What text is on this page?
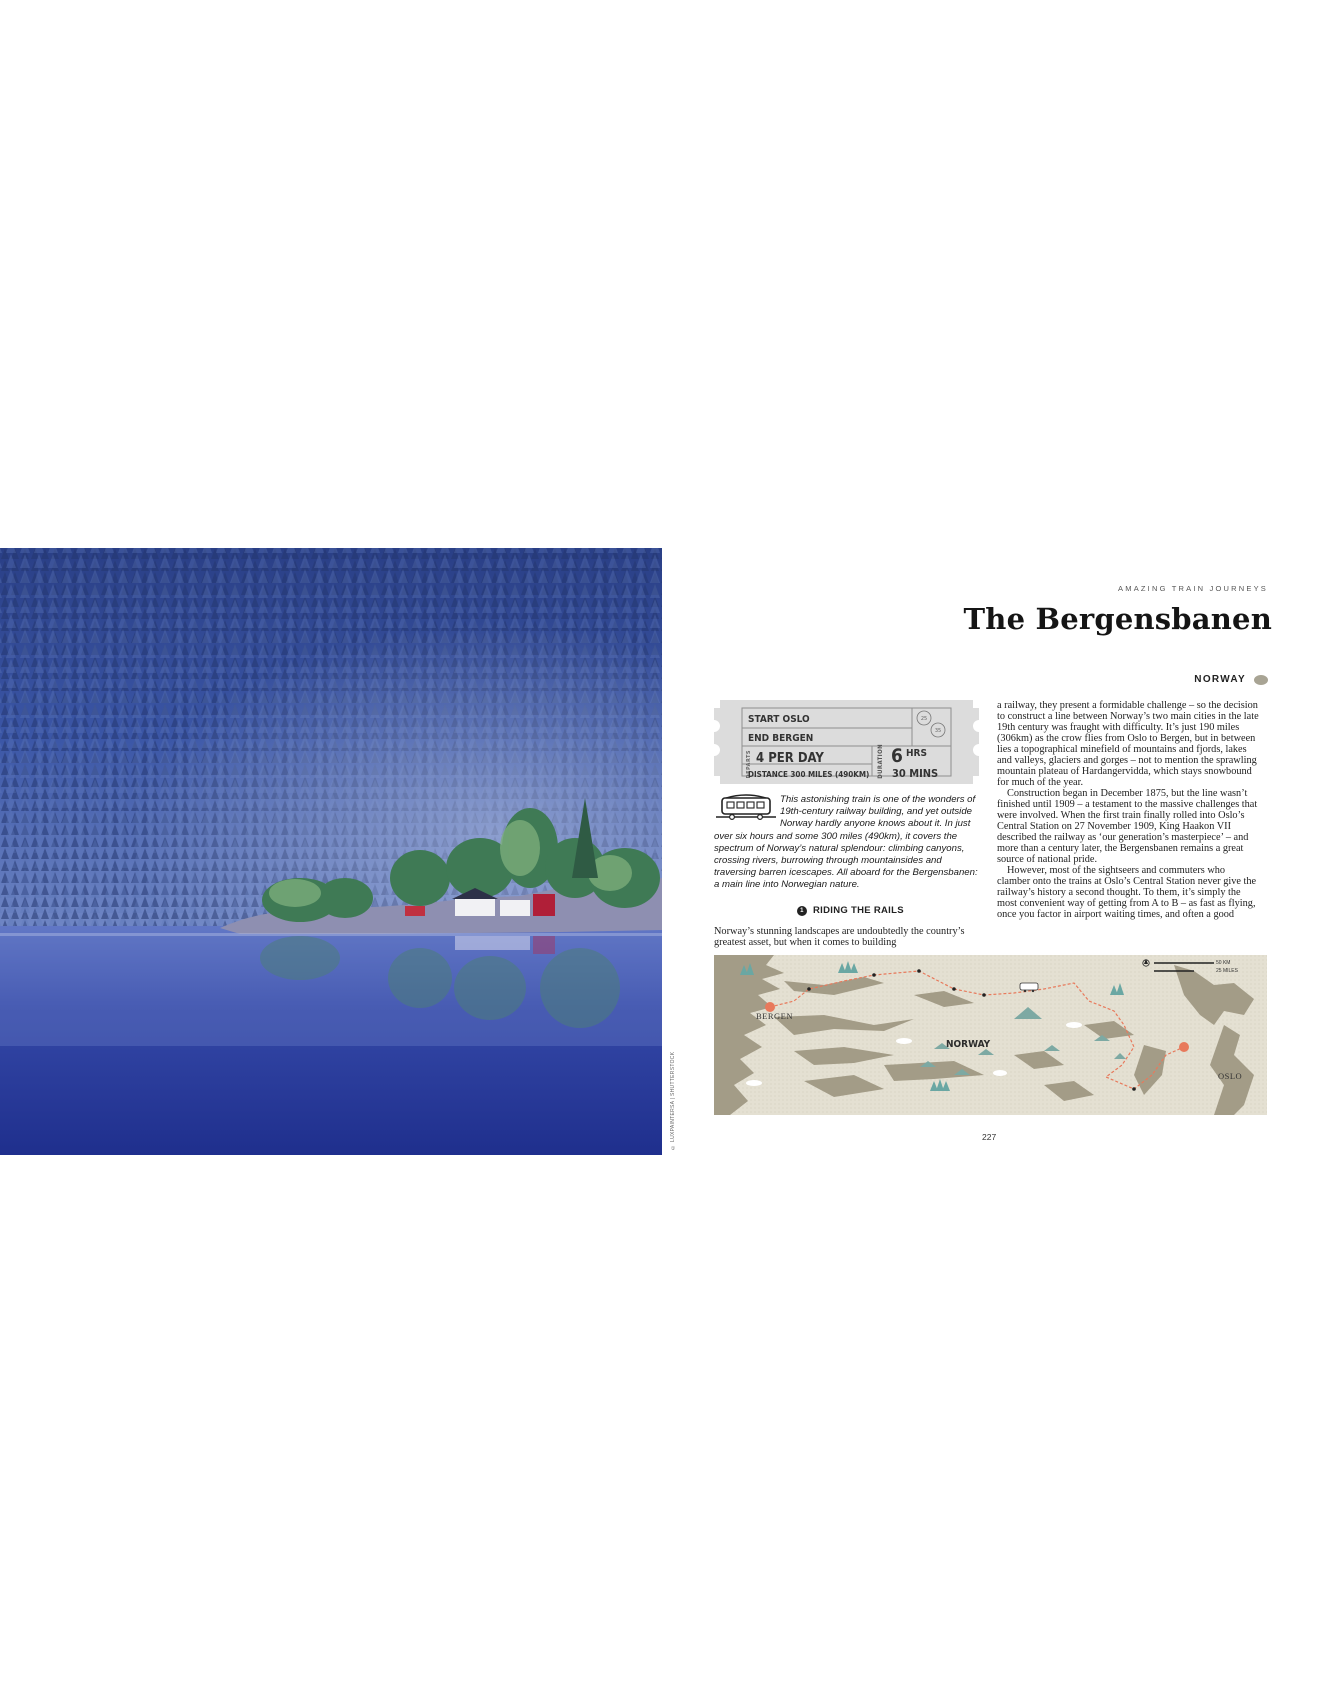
© LUXPAINTERSA | SHUTTERSTOCK
AMAZING TRAIN JOURNEYS
The Bergensbanen
NORWAY
25
35
START OSLO
END BERGEN
DEPARTS 4 PER DAY
DISTANCE 300 MILES (490KM) DURATION 6 HRS
30 MINS

This astonishing train is one of the wonders of 19th-century railway building, and yet outside Norway hardly anyone knows about it. In just over six hours and some 300 miles (490km), it covers the spectrum of Norway’s natural splendour: climbing canyons, crossing rivers, burrowing through mountainsides and traversing barren icescapes. All aboard for the Bergensbanen: a main line into Norwegian nature.

1 RIDING THE RAILS

Norway’s stunning landscapes are undoubtedly the country’s greatest asset, but when it comes to building

a railway, they present a formidable challenge – so the decision to construct a line between Norway’s two main cities in the late 19th century was fraught with difficulty. It’s just 190 miles (306km) as the crow flies from Oslo to Bergen, but in between lies a topographical minefield of mountains and fjords, lakes and valleys, glaciers and gorges – not to mention the sprawling mountain plateau of Hardangervidda, which stays snowbound for much of the year.

Construction began in December 1875, but the line wasn’t finished until 1909 – a testament to the massive challenges that were involved. When the first train finally rolled into Oslo’s Central Station on 27 November 1909, King Haakon VII described the railway as ‘our generation’s masterpiece’ – and more than a century later, the Bergensbanen remains a great source of national pride.

However, most of the sightseers and commuters who clamber onto the trains at Oslo’s Central Station never give the railway’s history a second thought. To them, it’s simply the most convenient way of getting from A to B – as fast as flying, once you factor in airport waiting times, and often a good

BERGEN
OSLO
NORWAY
50 KM
25 MILES
227
